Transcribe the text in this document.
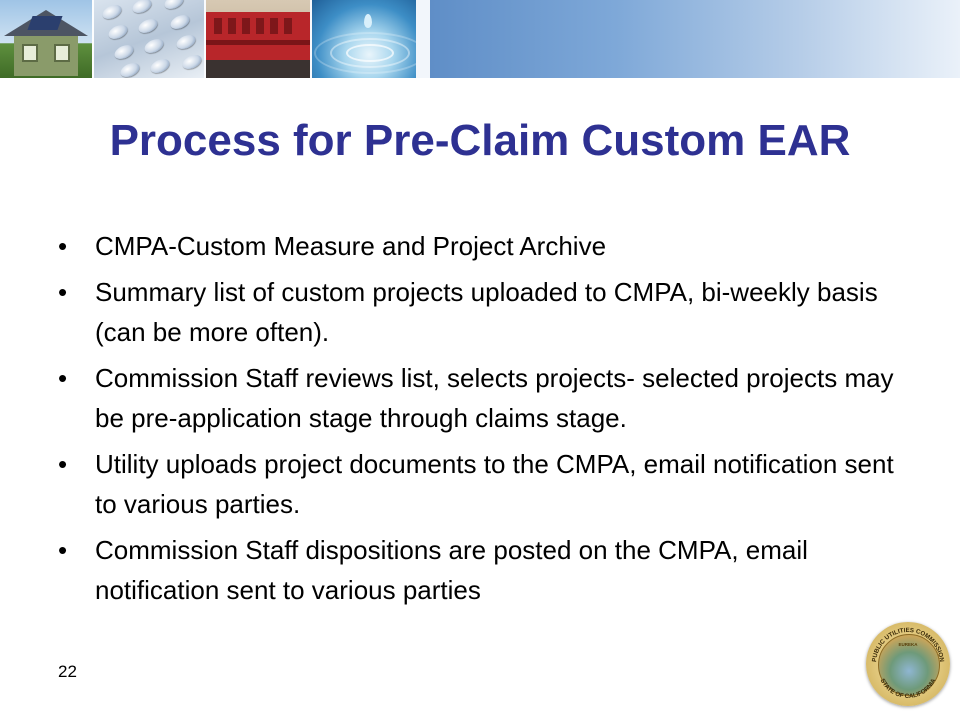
Process for Pre-Claim Custom EAR
• CMPA-Custom Measure and Project Archive
• Summary list of custom projects uploaded to CMPA, bi-weekly basis (can be more often).
• Commission Staff reviews list, selects projects- selected projects may be pre-application stage through claims stage.
• Utility uploads project documents to the CMPA, email notification sent to various parties.
• Commission Staff dispositions are posted on the CMPA, email notification sent to various parties
22
PUBLIC UTILITIES COMMISSION
STATE OF CALIFORNIA
EUREKA
